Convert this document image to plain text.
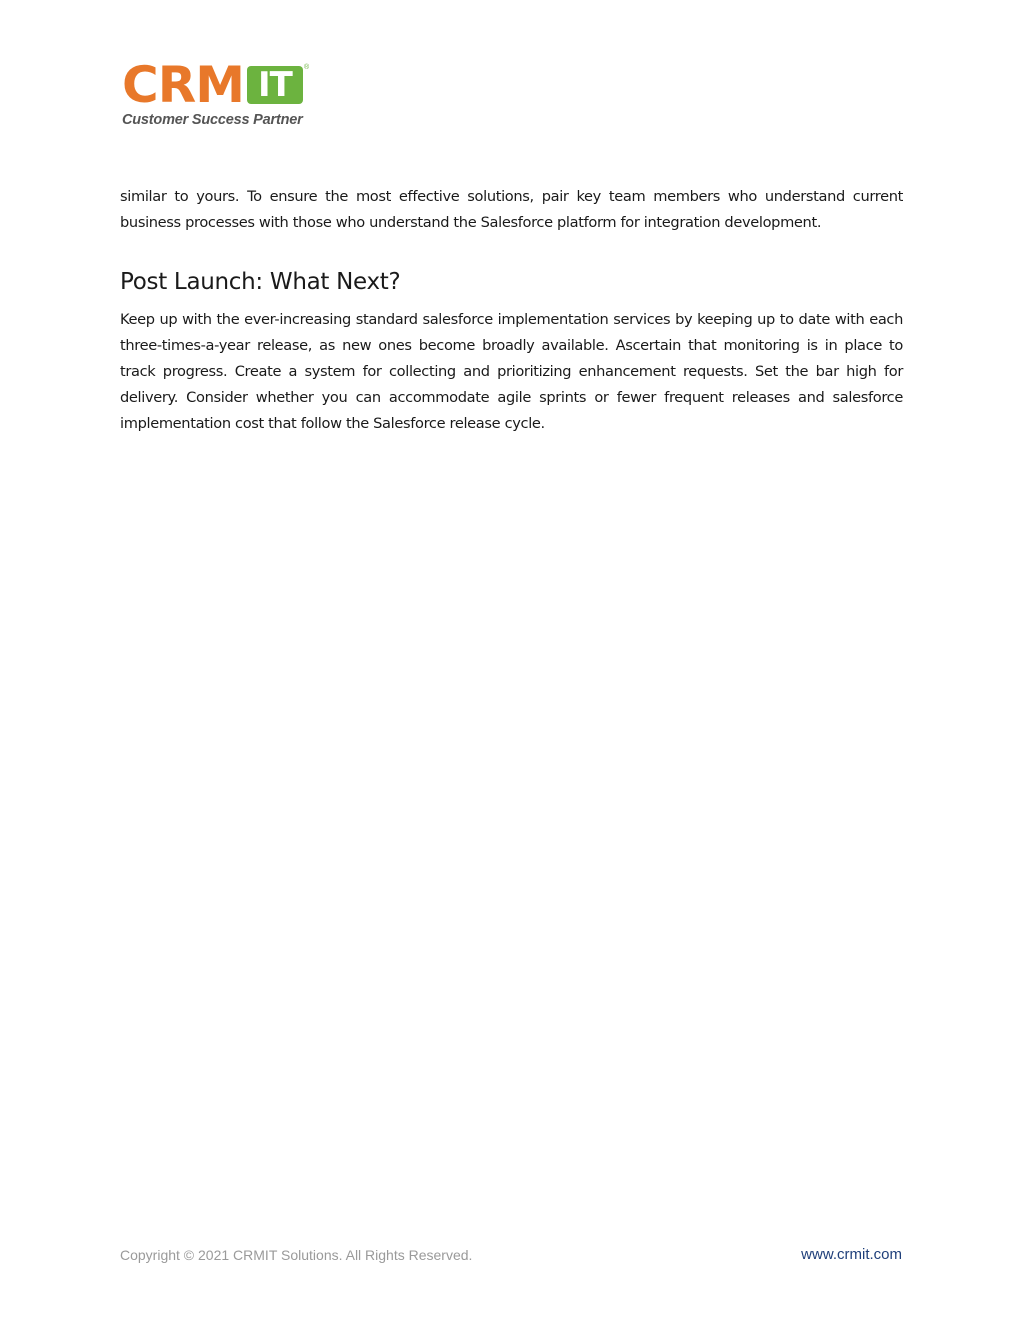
CRM IT	®
Customer Success Partner

similar to yours. To ensure the most effective solutions, pair key team members who understand current business processes with those who understand the Salesforce platform for integration development.

Post Launch: What Next?

Keep up with the ever-increasing standard salesforce implementation services by keeping up to date with each three-times-a-year release, as new ones become broadly available. Ascertain that monitoring is in place to track progress. Create a system for collecting and prioritizing enhancement requests. Set the bar high for delivery. Consider whether you can accommodate agile sprints or fewer frequent releases and salesforce implementation cost that follow the Salesforce release cycle.

Copyright © 2021 CRMIT Solutions. All Rights Reserved.	www.crmit.com
